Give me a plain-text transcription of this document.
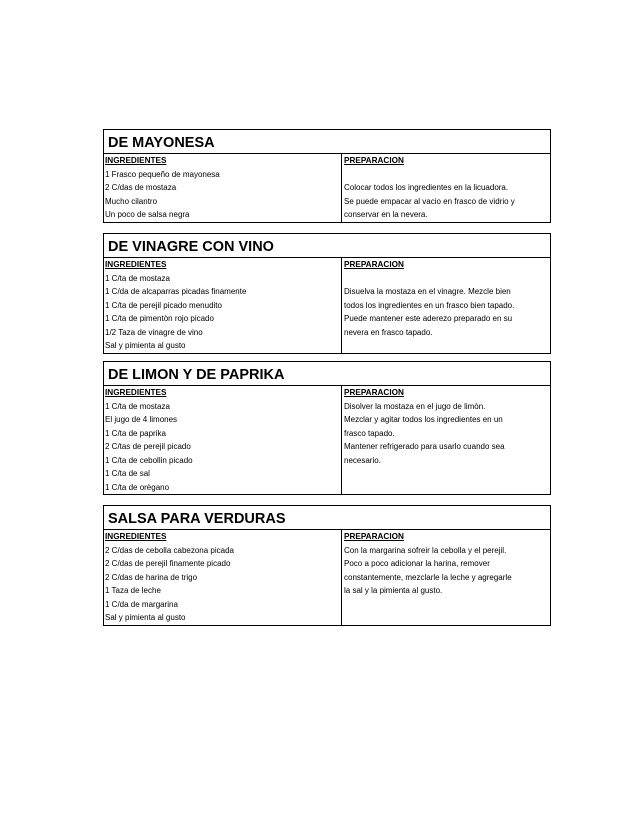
DE MAYONESA
INGREDIENTES
1 Frasco pequeño de mayonesa
2 C/das de mostaza
Mucho cilantro
Un poco de salsa negra
PREPARACION

Colocar todos los ingredientes en la licuadora.
Se puede empacar al vacio en frasco de vidrio y
conservar en la nevera.
DE VINAGRE CON VINO
INGREDIENTES
1 C/ta de mostaza
1 C/da de alcaparras picadas finamente
1 C/ta de perejil picado menudito
1 C/ta de pimentòn rojo picado
1/2 Taza de vinagre de vino
Sal y pimienta al gusto
PREPARACION

Disuelva la mostaza en el vinagre. Mezcle bien
todos los ingredientes en un frasco bien tapado.
Puede mantener este aderezo preparado en su
nevera en frasco tapado.

DE LIMON Y DE PAPRIKA
INGREDIENTES
1 C/ta de mostaza
El jugo de 4 limones
1 C/ta de paprika
2 C/tas de perejil picado
1 C/ta de cebollin picado
1 C/ta de sal
1 C/ta de orègano
PREPARACION
Disolver la mostaza en el jugo de limòn.
Mezclar y agitar todos los ingredientes en un
frasco tapado.
Mantener refrigerado para usarlo cuando sea
necesario.

SALSA PARA VERDURAS
INGREDIENTES
2 C/das de cebolla cabezona picada
2 C/das de perejil finamente picado
2 C/das de harina de trigo
1 Taza de leche
1 C/da de margarina
Sal y pimienta al gusto
PREPARACION
Con la margarina sofreir la cebolla y el perejil.
Poco a poco adicionar la harina, remover
constantemente, mezclarle la leche y agregarle
la sal y la pimienta al gusto.
